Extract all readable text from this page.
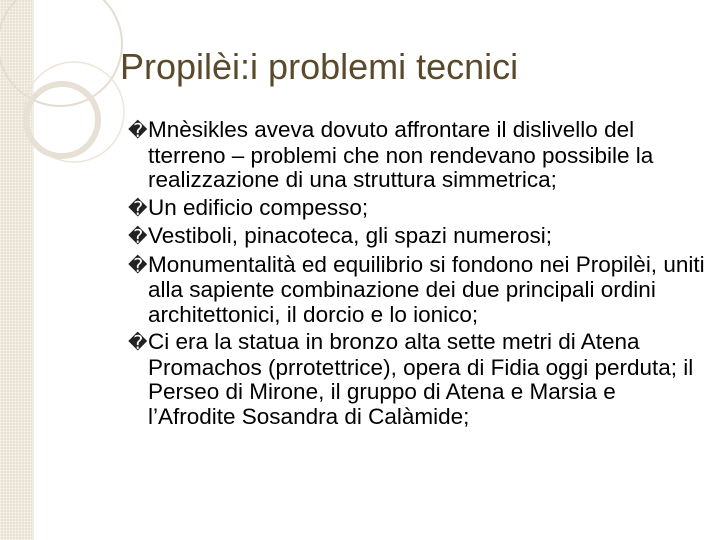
Propilèi:i problemi tecnici
�Mnèsikles aveva dovuto affrontare il dislivello del tterreno – problemi che non rendevano possibile la realizzazione di una struttura simmetrica;
�Un edificio compesso;
�Vestiboli, pinacoteca, gli spazi numerosi;
�Monumentalità ed equilibrio si fondono nei Propilèi, uniti alla sapiente combinazione dei due principali ordini architettonici, il dorcio e lo ionico;
�Ci era la statua in bronzo alta sette metri di Atena Promachos (prrotettrice), opera di Fidia oggi perduta; il Perseo di Mirone, il gruppo di Atena e Marsia e l’Afrodite Sosandra di Calàmide;
